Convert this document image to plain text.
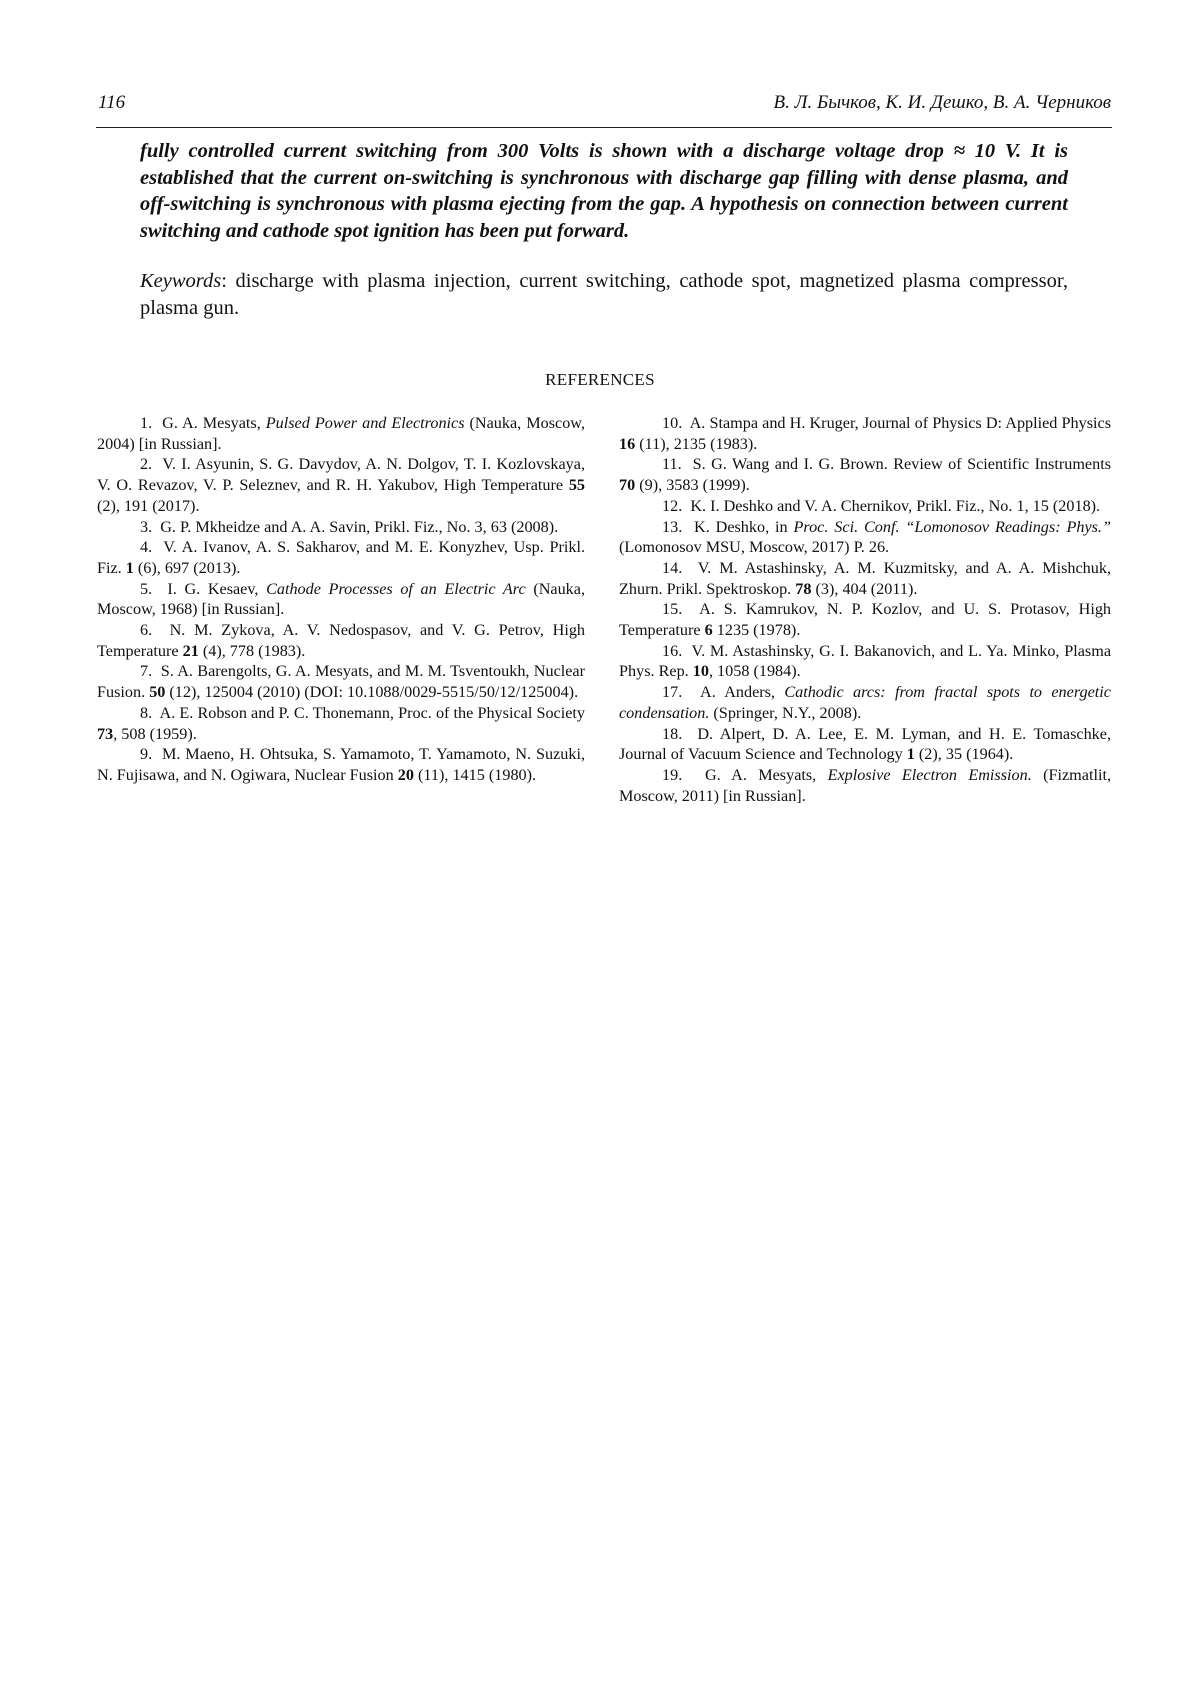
116	В. Л. Бычков, К. И. Дешко, В. А. Черников
fully controlled current switching from 300 Volts is shown with a discharge voltage drop ≈ 10 V. It is established that the current on-switching is synchronous with discharge gap filling with dense plasma, and off-switching is synchronous with plasma ejecting from the gap. A hypothesis on connection between current switching and cathode spot ignition has been put forward.
Keywords: discharge with plasma injection, current switching, cathode spot, magnetized plasma compressor, plasma gun.
REFERENCES

1. G. A. Mesyats, Pulsed Power and Electronics (Nauka, Moscow, 2004) [in Russian].

2. V. I. Asyunin, S. G. Davydov, A. N. Dolgov, T. I. Kozlovskaya, V. O. Revazov, V. P. Seleznev, and R. H. Yakubov, High Temperature 55 (2), 191 (2017).

3. G. P. Mkheidze and A. A. Savin, Prikl. Fiz., No. 3, 63 (2008).

4. V. A. Ivanov, A. S. Sakharov, and M. E. Konyzhev, Usp. Prikl. Fiz. 1 (6), 697 (2013).

5. I. G. Kesaev, Cathode Processes of an Electric Arc (Nauka, Moscow, 1968) [in Russian].

6. N. M. Zykova, A. V. Nedospasov, and V. G. Petrov, High Temperature 21 (4), 778 (1983).

7. S. A. Barengolts, G. A. Mesyats, and M. M. Tsventoukh, Nuclear Fusion. 50 (12), 125004 (2010) (DOI: 10.1088/0029-5515/50/12/125004).

8. A. E. Robson and P. C. Thonemann, Proc. of the Physical Society 73, 508 (1959).

9. M. Maeno, H. Ohtsuka, S. Yamamoto, T. Yamamoto, N. Suzuki, N. Fujisawa, and N. Ogiwara, Nuclear Fusion 20 (11), 1415 (1980).

10. A. Stampa and H. Kruger, Journal of Physics D: Applied Physics 16 (11), 2135 (1983).

11. S. G. Wang and I. G. Brown. Review of Scientific Instruments 70 (9), 3583 (1999).

12. K. I. Deshko and V. A. Chernikov, Prikl. Fiz., No. 1, 15 (2018).

13. K. Deshko, in Proc. Sci. Conf. “Lomonosov Readings: Phys.” (Lomonosov MSU, Moscow, 2017) P. 26.

14. V. M. Astashinsky, A. M. Kuzmitsky, and A. A. Mishchuk, Zhurn. Prikl. Spektroskop. 78 (3), 404 (2011).

15. A. S. Kamrukov, N. P. Kozlov, and U. S. Protasov, High Temperature 6 1235 (1978).

16. V. M. Astashinsky, G. I. Bakanovich, and L. Ya. Minko, Plasma Phys. Rep. 10, 1058 (1984).

17. A. Anders, Cathodic arcs: from fractal spots to energetic condensation. (Springer, N.Y., 2008).

18. D. Alpert, D. A. Lee, E. M. Lyman, and H. E. Tomaschke, Journal of Vacuum Science and Technology 1 (2), 35 (1964).

19. G. A. Mesyats, Explosive Electron Emission. (Fizmatlit, Moscow, 2011) [in Russian].
